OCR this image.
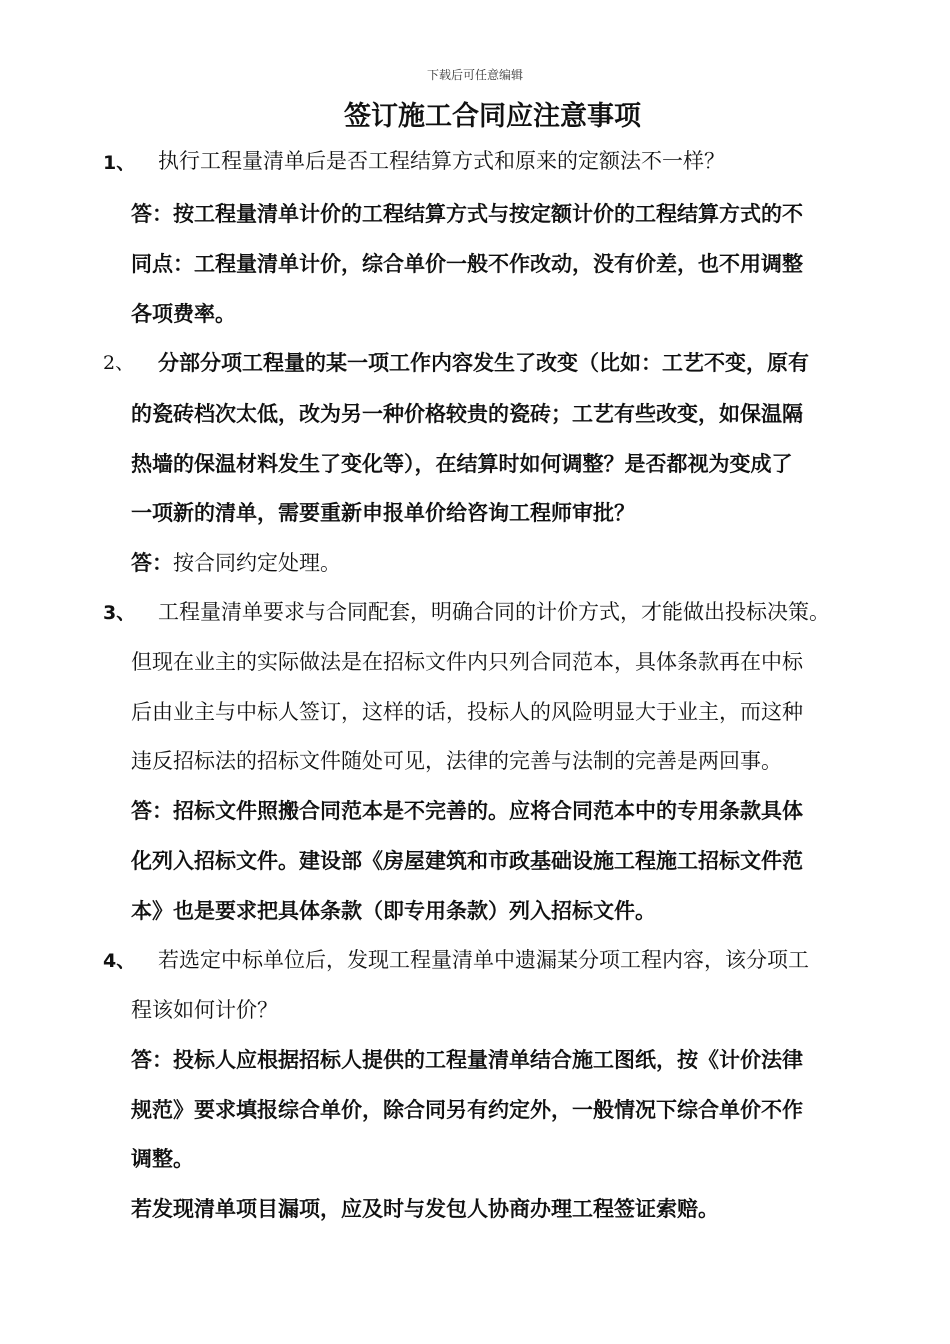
下载后可任意编辑
签订施工合同应注意事项
1、 执行工程量清单后是否工程结算方式和原来的定额法不一样？
答：按工程量清单计价的工程结算方式与按定额计价的工程结算方式的不
同点：工程量清单计价，综合单价一般不作改动，没有价差，也不用调整
各项费率。
2、 分部分项工程量的某一项工作内容发生了改变（比如：工艺不变，原有
的瓷砖档次太低，改为另一种价格较贵的瓷砖；工艺有些改变，如保温隔
热墙的保温材料发生了变化等），在结算时如何调整？是否都视为变成了
一项新的清单，需要重新申报单价给咨询工程师审批？
答：按合同约定处理。
3、 工程量清单要求与合同配套，明确合同的计价方式，才能做出投标决策。
但现在业主的实际做法是在招标文件内只列合同范本，具体条款再在中标
后由业主与中标人签订，这样的话，投标人的风险明显大于业主，而这种
违反招标法的招标文件随处可见，法律的完善与法制的完善是两回事。
答：招标文件照搬合同范本是不完善的。应将合同范本中的专用条款具体
化列入招标文件。建设部《房屋建筑和市政基础设施工程施工招标文件范
本》也是要求把具体条款（即专用条款）列入招标文件。
4、 若选定中标单位后，发现工程量清单中遗漏某分项工程内容，该分项工
程该如何计价？
答：投标人应根据招标人提供的工程量清单结合施工图纸，按《计价法律
规范》要求填报综合单价，除合同另有约定外，一般情况下综合单价不作
调整。
若发现清单项目漏项，应及时与发包人协商办理工程签证索赔。
